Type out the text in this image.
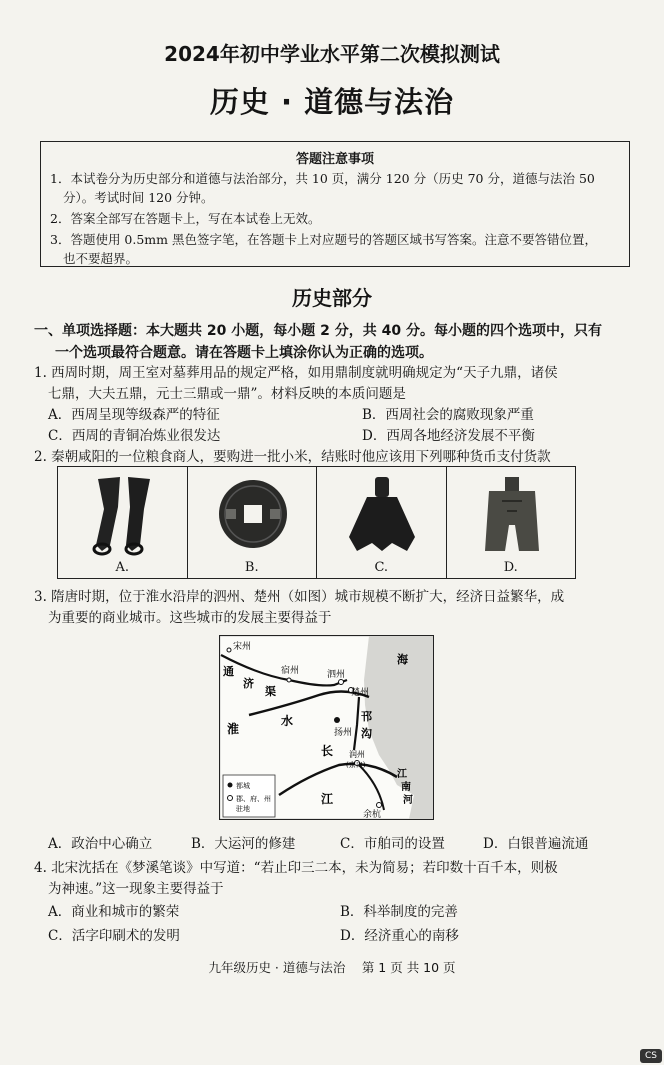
2024年初中学业水平第二次模拟测试
历史 · 道德与法治
答题注意事项
1．本试卷分为历史部分和道德与法治部分，共 10 页，满分 120 分（历史 70 分，道德与法治 50
分）。考试时间 120 分钟。
2．答案全部写在答题卡上，写在本试卷上无效。
3．答题使用 0.5mm 黑色签字笔，在答题卡上对应题号的答题区域书写答案。注意不要答错位置，
也不要超界。
历史部分
一、单项选择题：本大题共 20 小题，每小题 2 分，共 40 分。每小题的四个选项中，只有
一个选项最符合题意。请在答题卡上填涂你认为正确的选项。
1. 西周时期，周王室对墓葬用品的规定严格，如用鼎制度就明确规定为“天子九鼎，诸侯
七鼎，大夫五鼎，元士三鼎或一鼎”。材料反映的本质问题是
A．西周呈现等级森严的特征	B．西周社会的腐败现象严重
C．西周的青铜冶炼业很发达	D．西周各地经济发展不平衡
2. 秦朝咸阳的一位粮食商人，要购进一批小米，结账时他应该用下列哪种货币支付货款
A.	B.	C.	D.
3. 隋唐时期，位于淮水沿岸的泗州、楚州（如图）城市规模不断扩大，经济日益繁华，成
为重要的商业城市。这些城市的发展主要得益于
宋州
通
济
渠
宿州	泗州
楚州
淮
水	邗
沟
扬州
海
长
江
润州
(京口)
江
南
河
余杭
都城
郡、府、州
驻地
A．政治中心确立	B．大运河的修建	C．市舶司的设置	D．白银普遍流通
4. 北宋沈括在《梦溪笔谈》中写道：“若止印三二本，未为简易；若印数十百千本，则极
为神速。”这一现象主要得益于
A．商业和城市的繁荣	B．科举制度的完善
C．活字印刷术的发明	D．经济重心的南移
九年级历史 · 道德与法治　 第 1 页 共 10 页
CS
